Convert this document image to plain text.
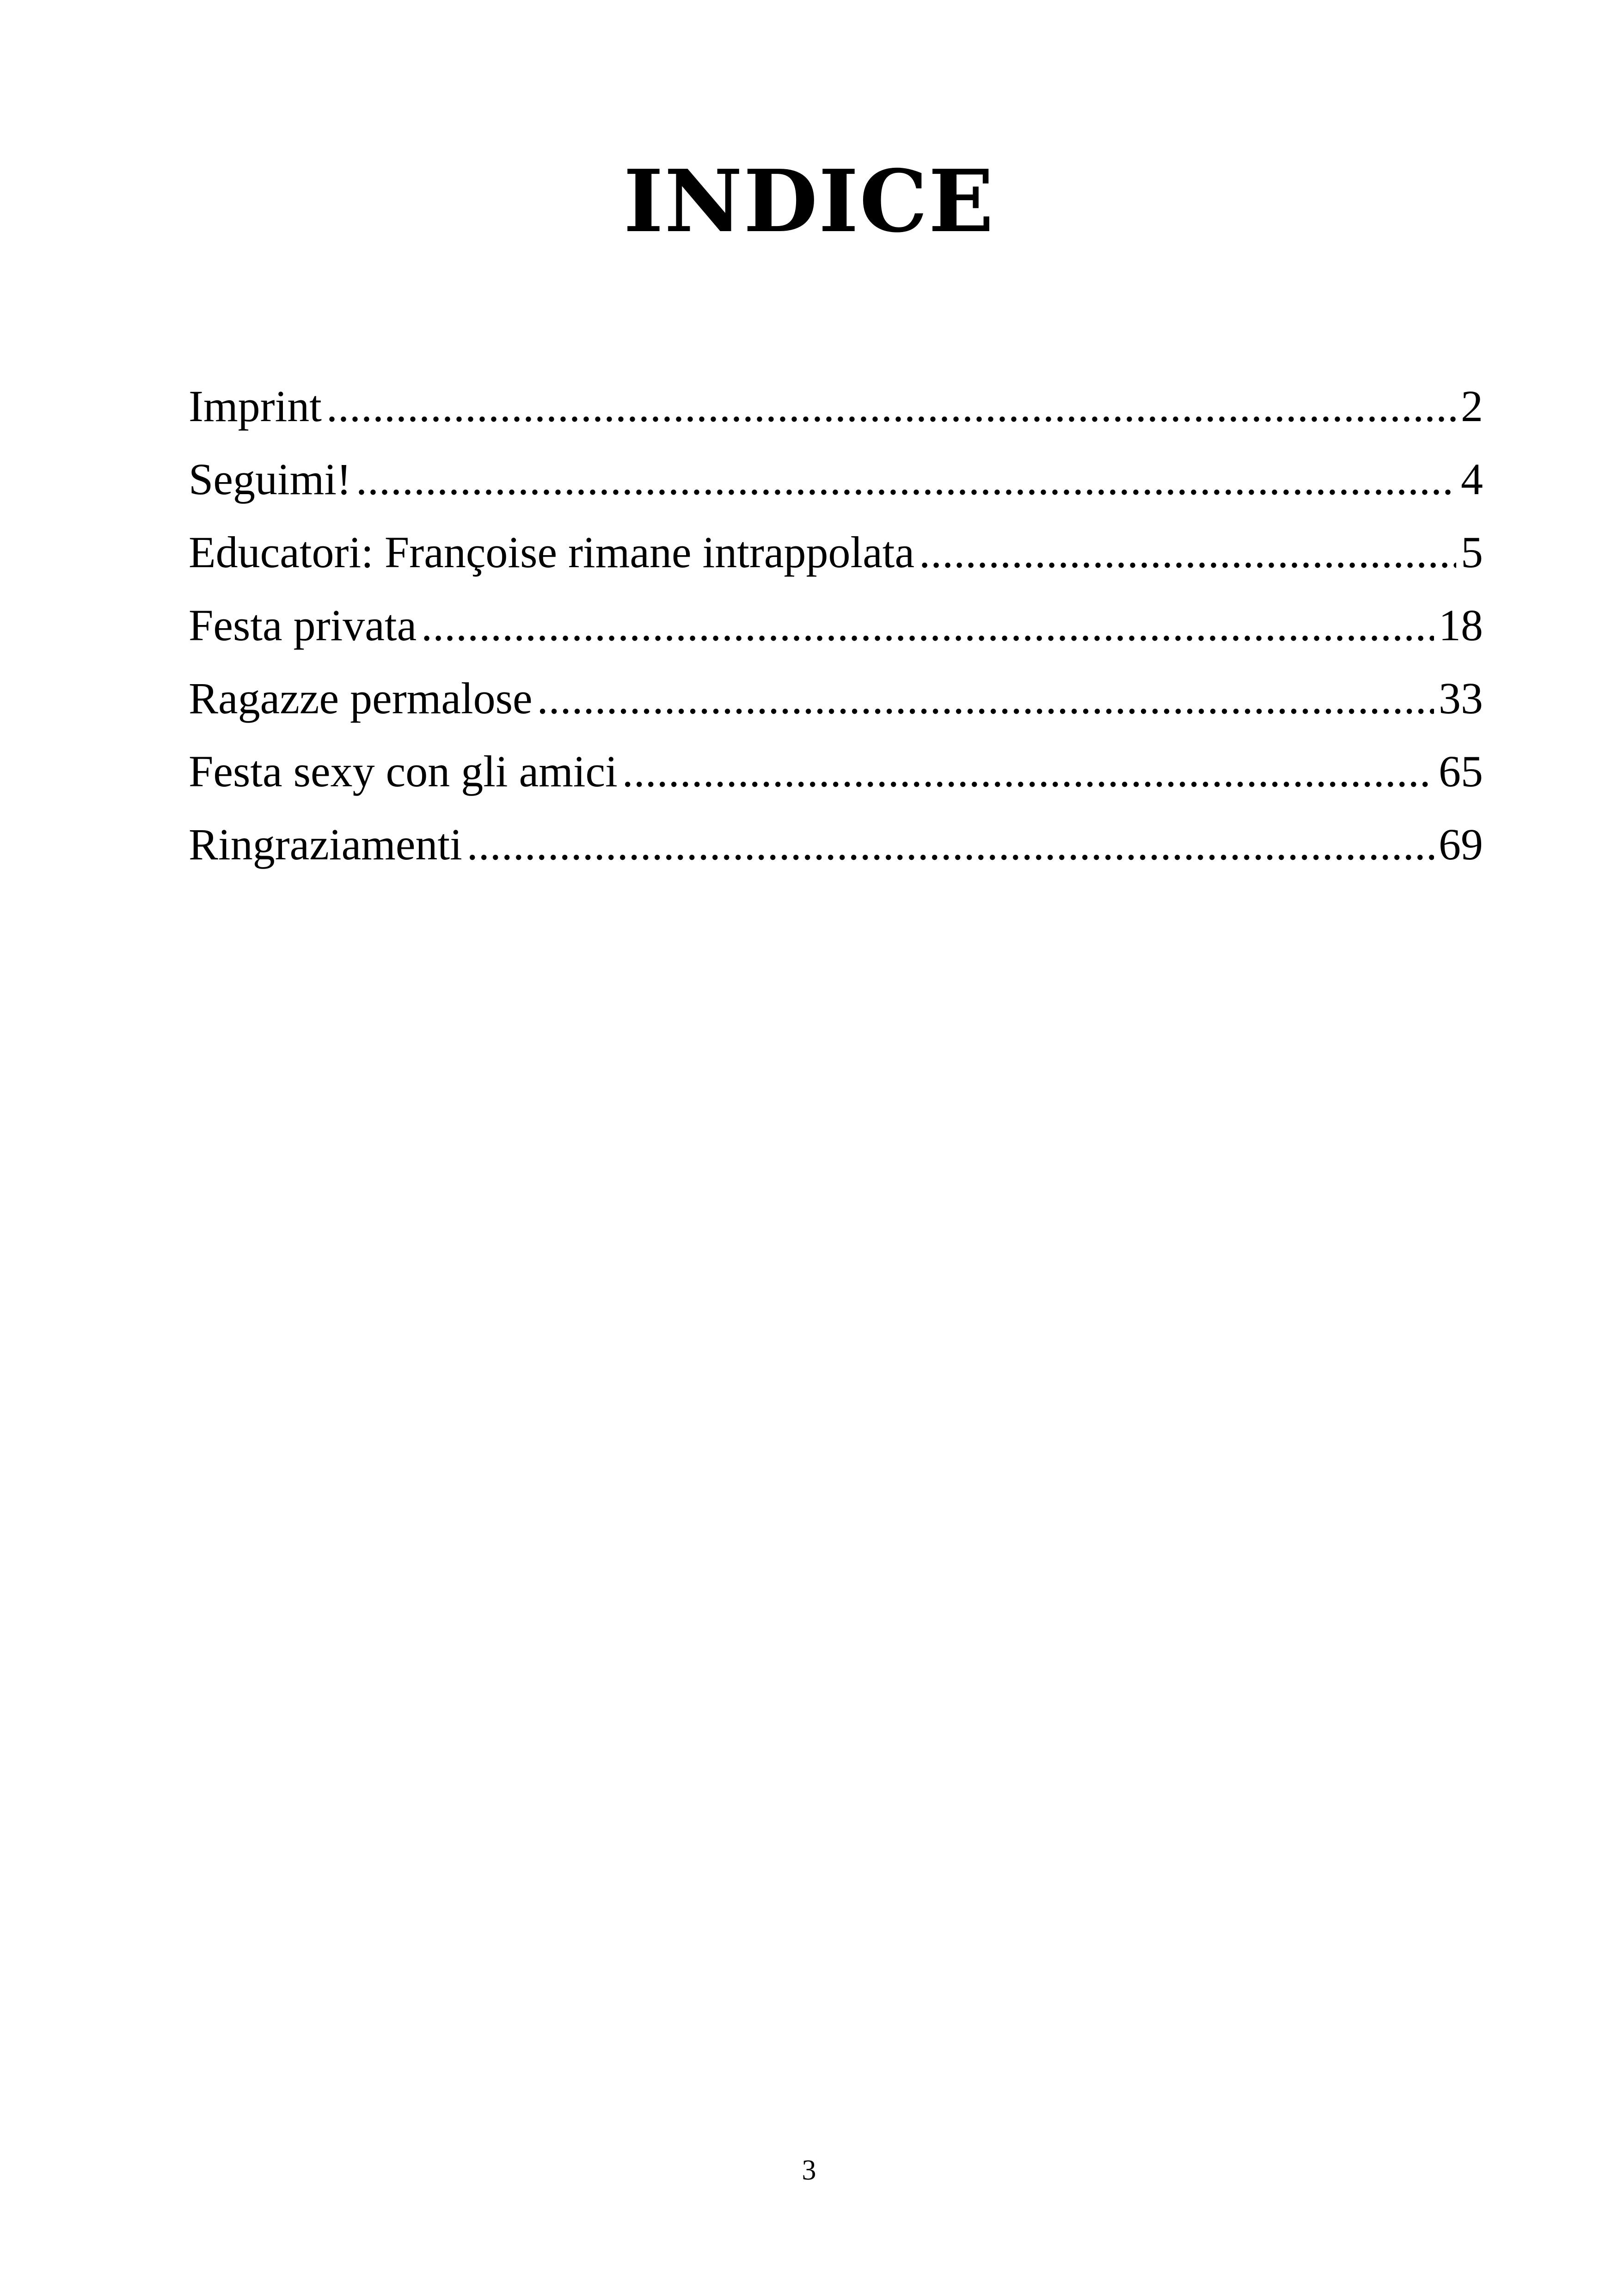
INDICE
Imprint .....	2
Seguimi! .....	4
Educatori: Françoise rimane intrappolata .....	5
Festa privata .....	18
Ragazze permalose .....	33
Festa sexy con gli amici .....	65
Ringraziamenti .....	69
3
